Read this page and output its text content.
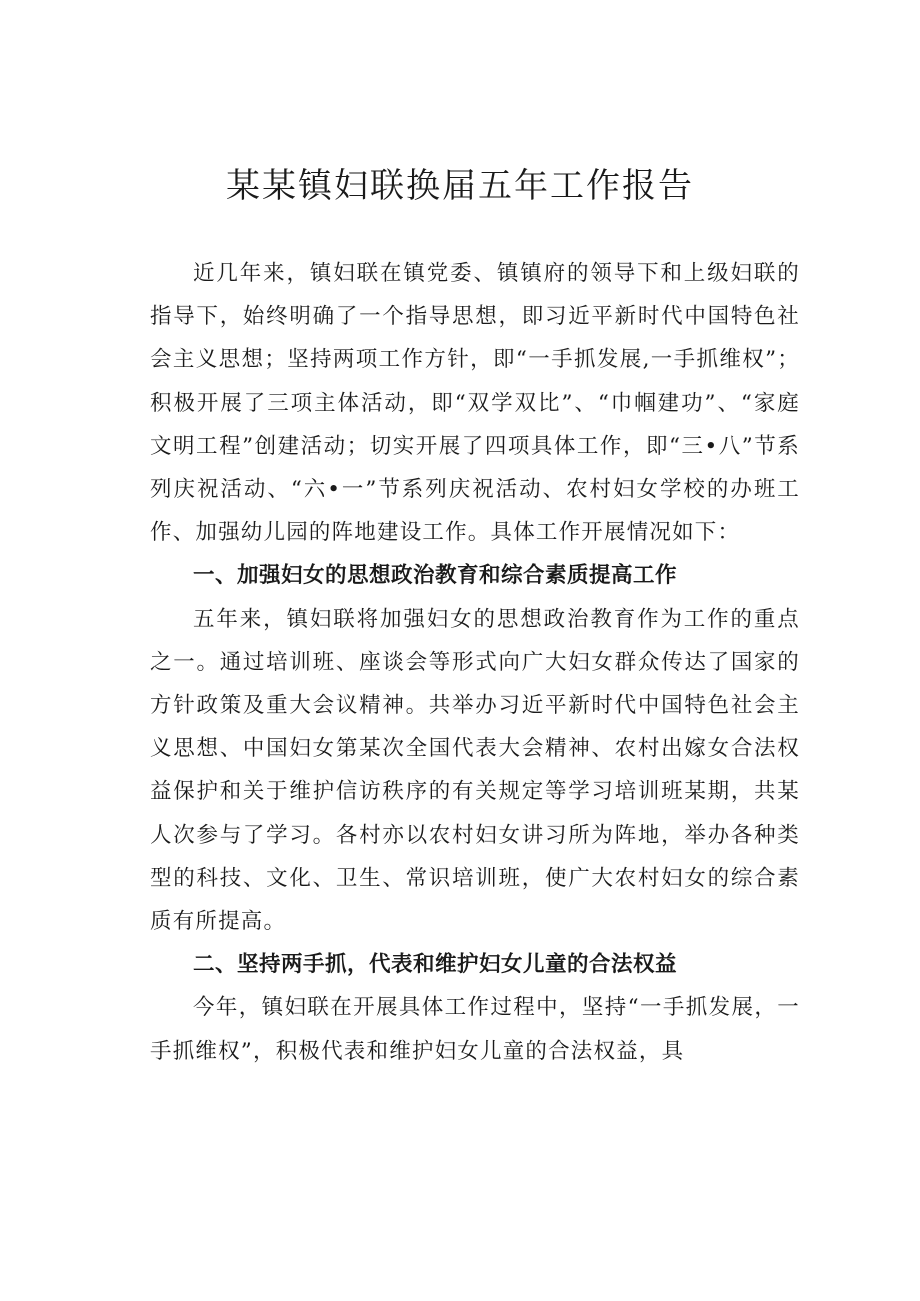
某某镇妇联换届五年工作报告

近几年来，镇妇联在镇党委、镇镇府的领导下和上级妇联的指导下，始终明确了一个指导思想，即习近平新时代中国特色社会主义思想；坚持两项工作方针，即“一手抓发展,一手抓维权”；积极开展了三项主体活动，即“双学双比”、“巾帼建功”、“家庭文明工程”创建活动；切实开展了四项具体工作，即“三•八”节系列庆祝活动、“六•一”节系列庆祝活动、农村妇女学校的办班工作、加强幼儿园的阵地建设工作。具体工作开展情况如下：

一、加强妇女的思想政治教育和综合素质提高工作

五年来，镇妇联将加强妇女的思想政治教育作为工作的重点之一。通过培训班、座谈会等形式向广大妇女群众传达了国家的方针政策及重大会议精神。共举办习近平新时代中国特色社会主义思想、中国妇女第某次全国代表大会精神、农村出嫁女合法权益保护和关于维护信访秩序的有关规定等学习培训班某期，共某人次参与了学习。各村亦以农村妇女讲习所为阵地，举办各种类型的科技、文化、卫生、常识培训班，使广大农村妇女的综合素质有所提高。

二、坚持两手抓，代表和维护妇女儿童的合法权益

今年，镇妇联在开展具体工作过程中，坚持“一手抓发展，一手抓维权”，积极代表和维护妇女儿童的合法权益，具
